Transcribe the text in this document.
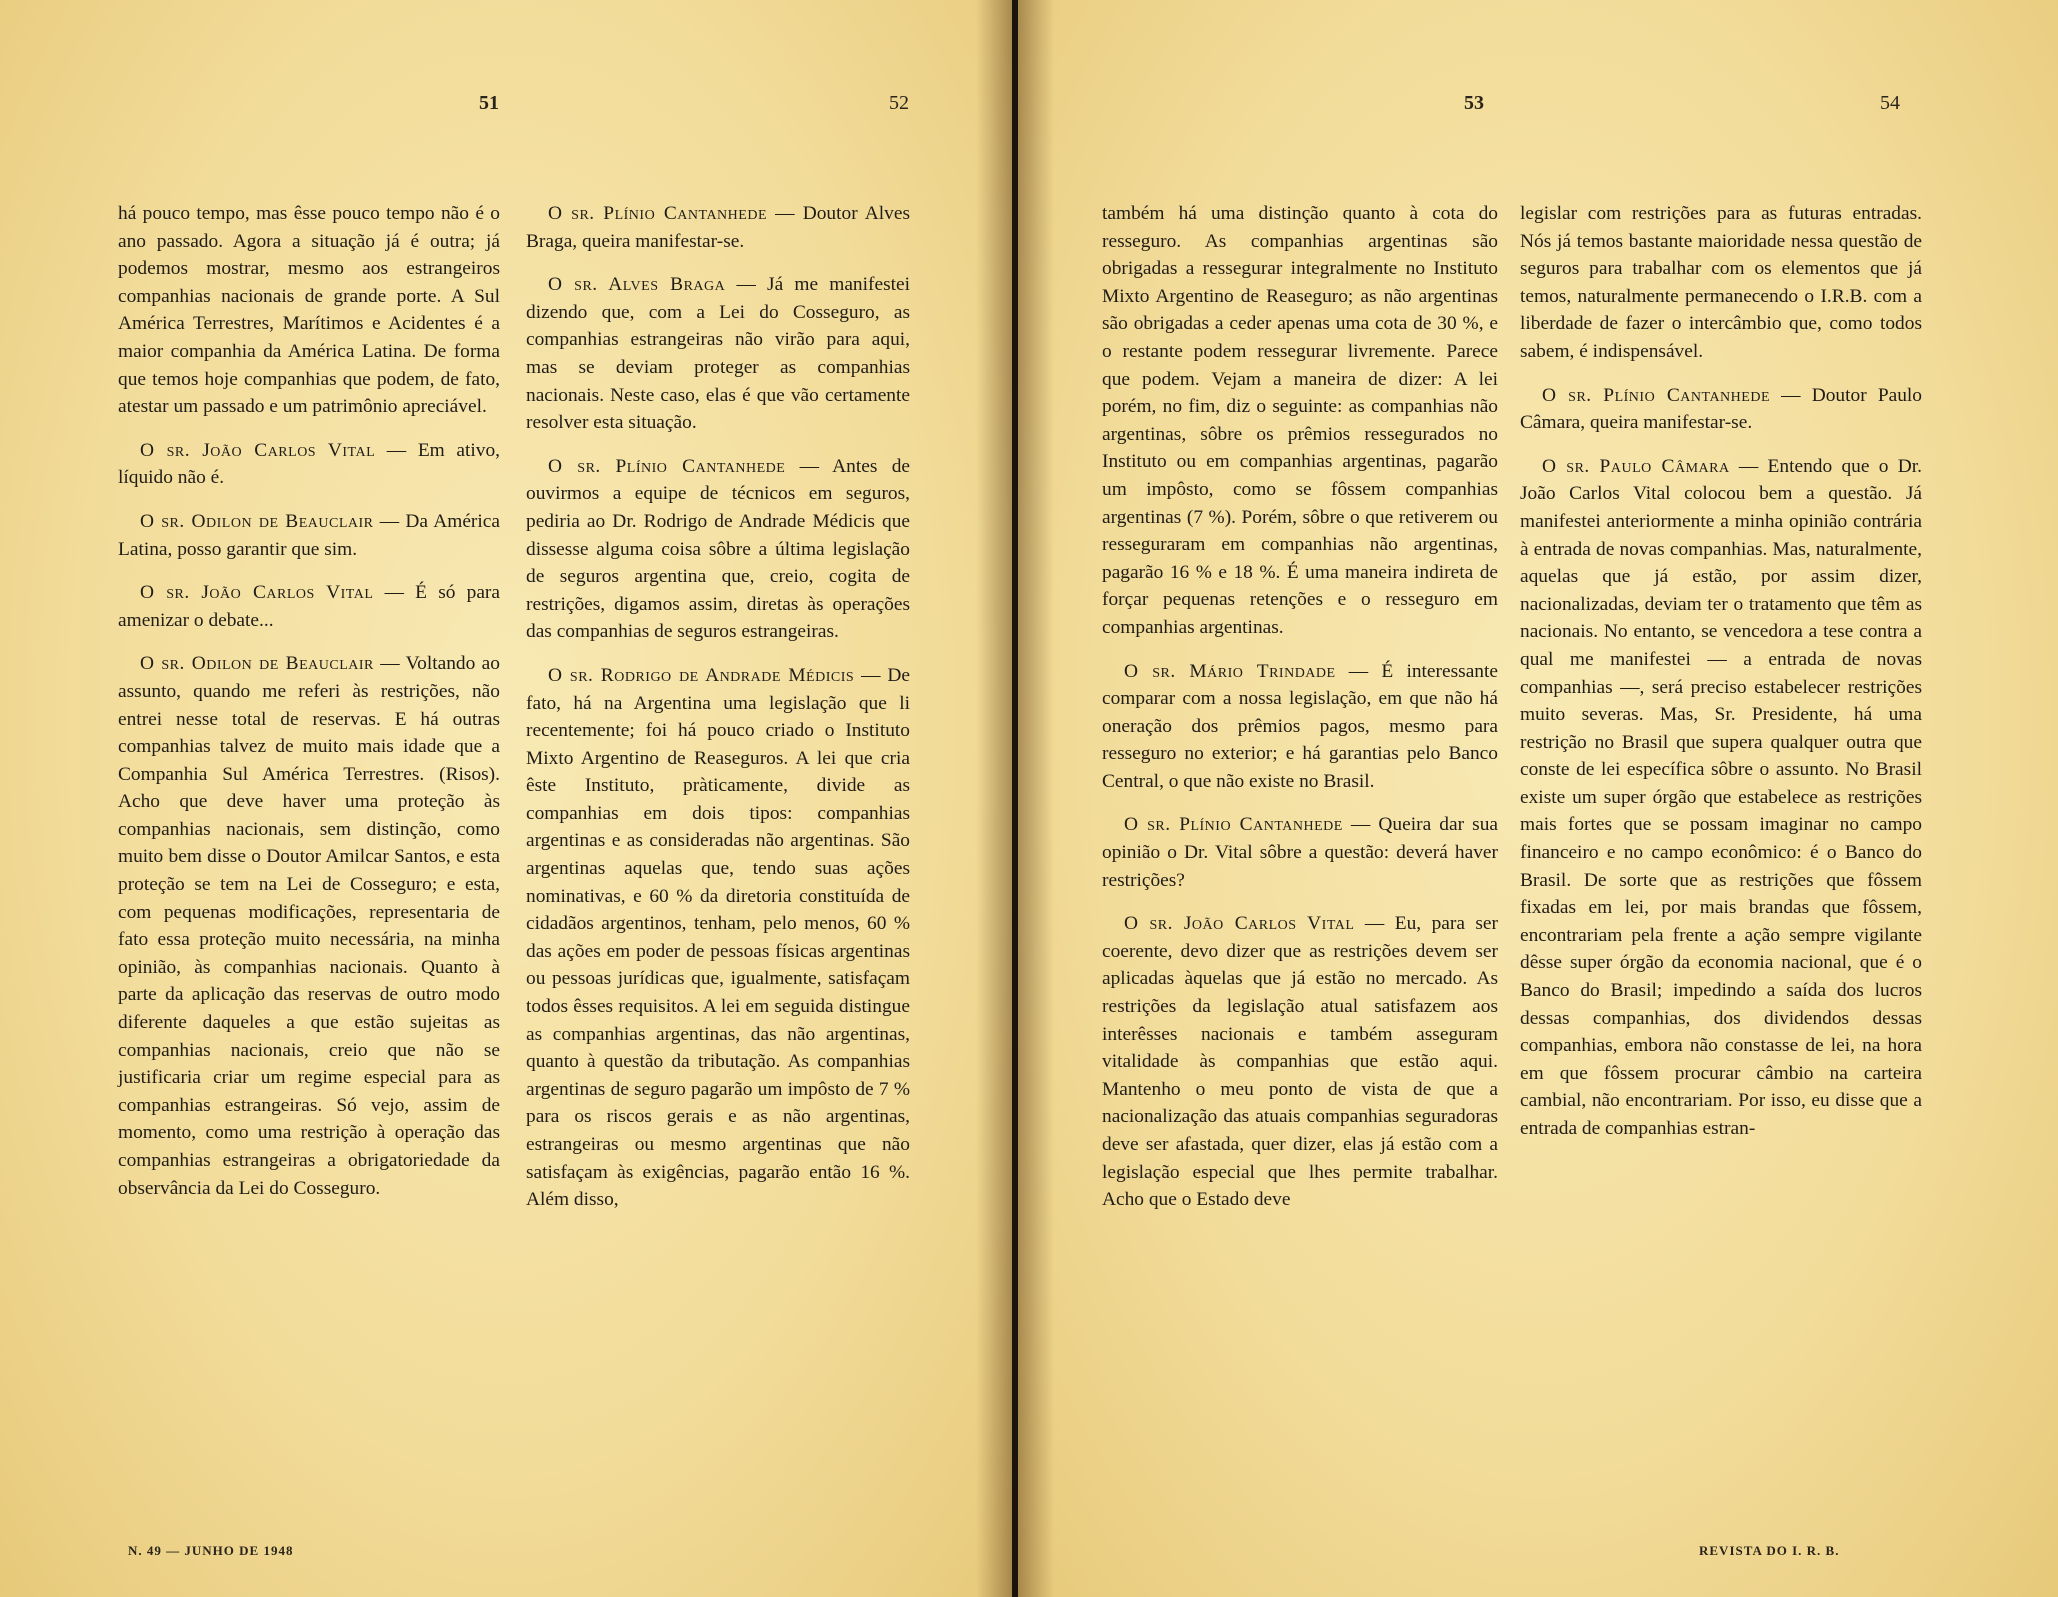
51	52

há pouco tempo, mas êsse pouco tempo não é o ano passado. Agora a situação já é outra; já podemos mostrar, mesmo aos estrangeiros companhias nacionais de grande porte. A Sul América Terrestres, Marítimos e Acidentes é a maior companhia da América Latina. De forma que temos hoje companhias que podem, de fato, atestar um passado e um patrimônio apreciável.

O sr. João Carlos Vital — Em ativo, líquido não é.

O sr. Odilon de Beauclair — Da América Latina, posso garantir que sim.

O sr. João Carlos Vital — É só para amenizar o debate...

O sr. Odilon de Beauclair — Voltando ao assunto, quando me referi às restrições, não entrei nesse total de reservas. E há outras companhias talvez de muito mais idade que a Companhia Sul América Terrestres. (Risos). Acho que deve haver uma proteção às companhias nacionais, sem distinção, como muito bem disse o Doutor Amilcar Santos, e esta proteção se tem na Lei de Cosseguro; e esta, com pequenas modificações, representaria de fato essa proteção muito necessária, na minha opinião, às companhias nacionais. Quanto à parte da aplicação das reservas de outro modo diferente daqueles a que estão sujeitas as companhias nacionais, creio que não se justificaria criar um regime especial para as companhias estrangeiras. Só vejo, assim de momento, como uma restrição à operação das companhias estrangeiras a obrigatoriedade da observância da Lei do Cosseguro.

O sr. Plínio Cantanhede — Doutor Alves Braga, queira manifestar-se.

O sr. Alves Braga — Já me manifestei dizendo que, com a Lei do Cosseguro, as companhias estrangeiras não virão para aqui, mas se deviam proteger as companhias nacionais. Neste caso, elas é que vão certamente resolver esta situação.

O sr. Plínio Cantanhede — Antes de ouvirmos a equipe de técnicos em seguros, pediria ao Dr. Rodrigo de Andrade Médicis que dissesse alguma coisa sôbre a última legislação de seguros argentina que, creio, cogita de restrições, digamos assim, diretas às operações das companhias de seguros estrangeiras.

O sr. Rodrigo de Andrade Médicis — De fato, há na Argentina uma legislação que li recentemente; foi há pouco criado o Instituto Mixto Argentino de Reaseguros. A lei que cria êste Instituto, pràticamente, divide as companhias em dois tipos: companhias argentinas e as consideradas não argentinas. São argentinas aquelas que, tendo suas ações nominativas, e 60 % da diretoria constituída de cidadãos argentinos, tenham, pelo menos, 60 % das ações em poder de pessoas físicas argentinas ou pessoas jurídicas que, igualmente, satisfaçam todos êsses requisitos. A lei em seguida distingue as companhias argentinas, das não argentinas, quanto à questão da tributação. As companhias argentinas de seguro pagarão um impôsto de 7 % para os riscos gerais e as não argentinas, estrangeiras ou mesmo argentinas que não satisfaçam às exigências, pagarão então 16 %. Além disso,

N. 49 — JUNHO DE 1948
53	54

também há uma distinção quanto à cota do resseguro. As companhias argentinas são obrigadas a ressegurar integralmente no Instituto Mixto Argentino de Reaseguro; as não argentinas são obrigadas a ceder apenas uma cota de 30 %, e o restante podem ressegurar livremente. Parece que podem. Vejam a maneira de dizer: A lei porém, no fim, diz o seguinte: as companhias não argentinas, sôbre os prêmios ressegurados no Instituto ou em companhias argentinas, pagarão um impôsto, como se fôssem companhias argentinas (7 %). Porém, sôbre o que retiverem ou resseguraram em companhias não argentinas, pagarão 16 % e 18 %. É uma maneira indireta de forçar pequenas retenções e o resseguro em companhias argentinas.

O sr. Mário Trindade — É interessante comparar com a nossa legislação, em que não há oneração dos prêmios pagos, mesmo para resseguro no exterior; e há garantias pelo Banco Central, o que não existe no Brasil.

O sr. Plínio Cantanhede — Queira dar sua opinião o Dr. Vital sôbre a questão: deverá haver restrições?

O sr. João Carlos Vital — Eu, para ser coerente, devo dizer que as restrições devem ser aplicadas àquelas que já estão no mercado. As restrições da legislação atual satisfazem aos interêsses nacionais e também asseguram vitalidade às companhias que estão aqui. Mantenho o meu ponto de vista de que a nacionalização das atuais companhias seguradoras deve ser afastada, quer dizer, elas já estão com a legislação especial que lhes permite trabalhar. Acho que o Estado deve

legislar com restrições para as futuras entradas. Nós já temos bastante maioridade nessa questão de seguros para trabalhar com os elementos que já temos, naturalmente permanecendo o I.R.B. com a liberdade de fazer o intercâmbio que, como todos sabem, é indispensável.

O sr. Plínio Cantanhede — Doutor Paulo Câmara, queira manifestar-se.

O sr. Paulo Câmara — Entendo que o Dr. João Carlos Vital colocou bem a questão. Já manifestei anteriormente a minha opinião contrária à entrada de novas companhias. Mas, naturalmente, aquelas que já estão, por assim dizer, nacionalizadas, deviam ter o tratamento que têm as nacionais. No entanto, se vencedora a tese contra a qual me manifestei — a entrada de novas companhias —, será preciso estabelecer restrições muito severas. Mas, Sr. Presidente, há uma restrição no Brasil que supera qualquer outra que conste de lei específica sôbre o assunto. No Brasil existe um super órgão que estabelece as restrições mais fortes que se possam imaginar no campo financeiro e no campo econômico: é o Banco do Brasil. De sorte que as restrições que fôssem fixadas em lei, por mais brandas que fôssem, encontrariam pela frente a ação sempre vigilante dêsse super órgão da economia nacional, que é o Banco do Brasil; impedindo a saída dos lucros dessas companhias, dos dividendos dessas companhias, embora não constasse de lei, na hora em que fôssem procurar câmbio na carteira cambial, não encontrariam. Por isso, eu disse que a entrada de companhias estran-

REVISTA DO I. R. B.
